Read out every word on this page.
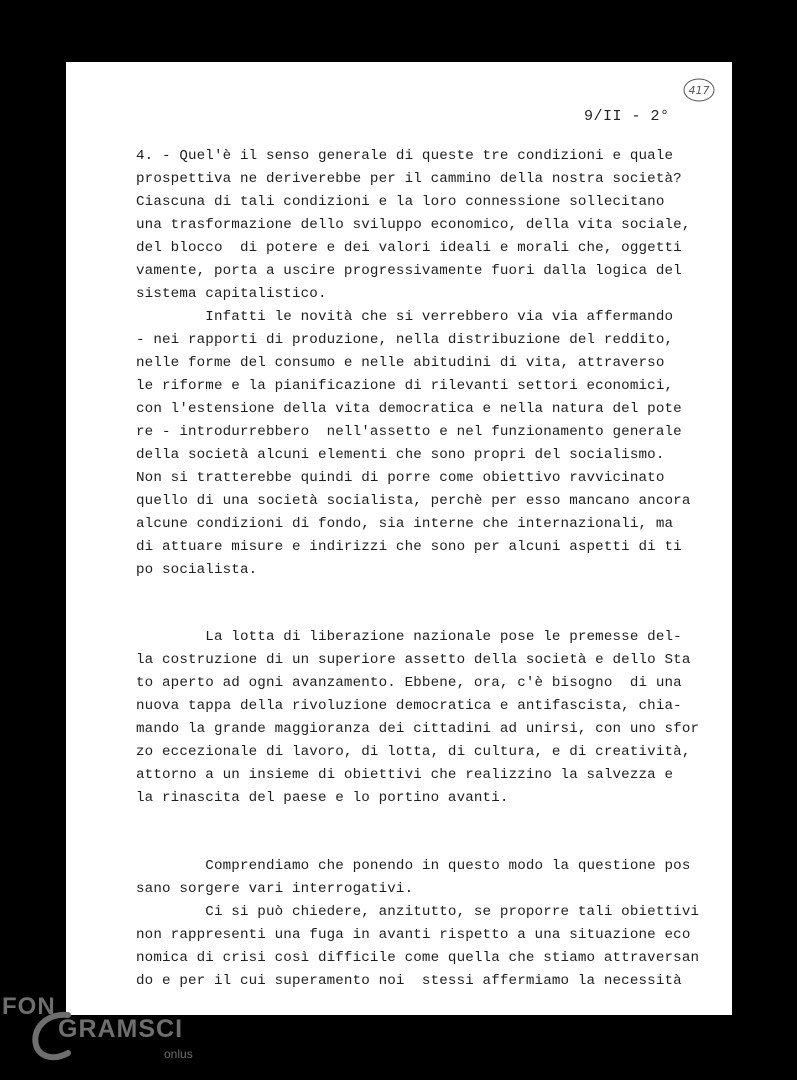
417
9/II - 2°
4. - Quel'è il senso generale di queste tre condizioni e quale
prospettiva ne deriverebbe per il cammino della nostra società?
Ciascuna di tali condizioni e la loro connessione sollecitano
una trasformazione dello sviluppo economico, della vita sociale,
del blocco  di potere e dei valori ideali e morali che, oggetti
vamente, porta a uscire progressivamente fuori dalla logica del
sistema capitalistico.
Infatti le novità che si verrebbero via via affermando
- nei rapporti di produzione, nella distribuzione del reddito,
nelle forme del consumo e nelle abitudini di vita, attraverso
le riforme e la pianificazione di rilevanti settori economici,
con l'estensione della vita democratica e nella natura del pote
re - introdurrebbero  nell'assetto e nel funzionamento generale
della società alcuni elementi che sono propri del socialismo.
Non si tratterebbe quindi di porre come obiettivo ravvicinato
quello di una società socialista, perchè per esso mancano ancora
alcune condizioni di fondo, sia interne che internazionali, ma
di attuare misure e indirizzi che sono per alcuni aspetti di ti
po socialista.
La lotta di liberazione nazionale pose le premesse del-
la costruzione di un superiore assetto della società e dello Sta
to aperto ad ogni avanzamento. Ebbene, ora, c'è bisogno  di una
nuova tappa della rivoluzione democratica e antifascista, chia-
mando la grande maggioranza dei cittadini ad unirsi, con uno sfor
zo eccezionale di lavoro, di lotta, di cultura, e di creatività,
attorno a un insieme di obiettivi che realizzino la salvezza e
la rinascita del paese e lo portino avanti.
Comprendiamo che ponendo in questo modo la questione pos
sano sorgere vari interrogativi.
Ci si può chiedere, anzitutto, se proporre tali obiettivi
non rappresenti una fuga in avanti rispetto a una situazione eco
nomica di crisi così difficile come quella che stiamo attraversan
do e per il cui superamento noi  stessi affermiamo la necessità
FON
GRAMSCI
onlus
